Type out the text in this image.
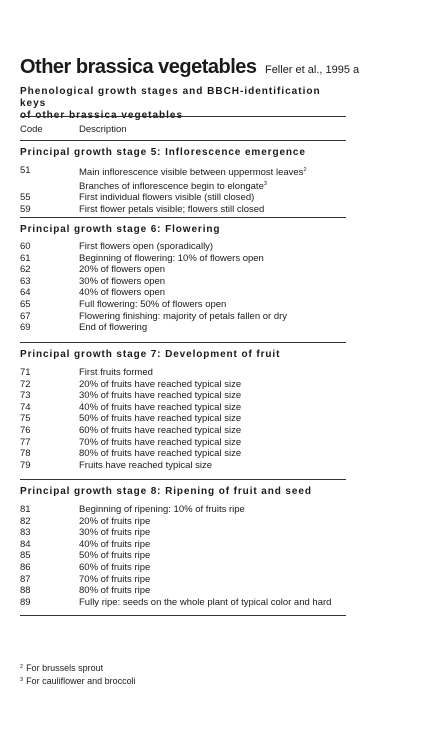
Other brassica vegetables Feller et al., 1995 a
Phenological growth stages and BBCH-identification keys
of other brassica vegetables
Code	Description
Principal growth stage 5: Inflorescence emergence
51	Main inflorescence visible between uppermost leaves$^2$
Branches of inflorescence begin to elongate$^3$
55	First individual flowers visible (still closed)
59	First flower petals visible; flowers still closed
Principal growth stage 6: Flowering
60	First flowers open (sporadically)
61	Beginning of flowering: 10% of flowers open
62	20% of flowers open
63	30% of flowers open
64	40% of flowers open
65	Full flowering: 50% of flowers open
67	Flowering finishing: majority of petals fallen or dry
69	End of flowering
Principal growth stage 7: Development of fruit
71	First fruits formed
72	20% of fruits have reached typical size
73	30% of fruits have reached typical size
74	40% of fruits have reached typical size
75	50% of fruits have reached typical size
76	60% of fruits have reached typical size
77	70% of fruits have reached typical size
78	80% of fruits have reached typical size
79	Fruits have reached typical size
Principal growth stage 8: Ripening of fruit and seed
81	Beginning of ripening: 10% of fruits ripe
82	20% of fruits ripe
83	30% of fruits ripe
84	40% of fruits ripe
85	50% of fruits ripe
86	60% of fruits ripe
87	70% of fruits ripe
88	80% of fruits ripe
89	Fully ripe: seeds on the whole plant of typical color and hard
$^2$ For brussels sprout
$^3$ For cauliflower and broccoli
